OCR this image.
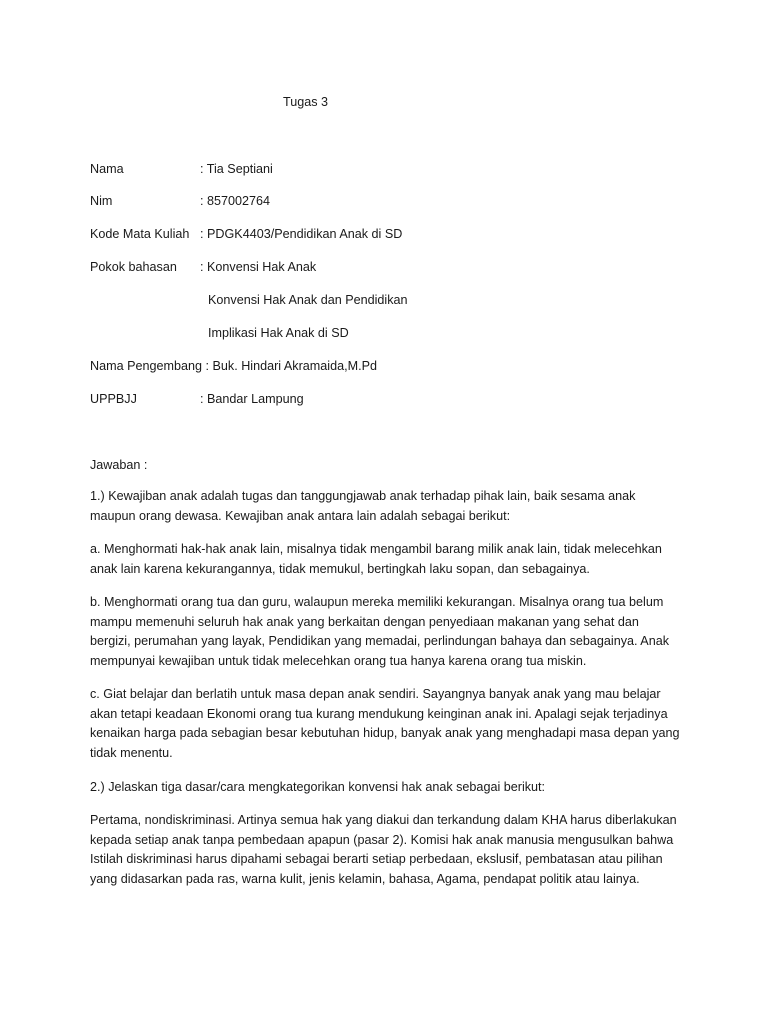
Tugas 3
Nama	: Tia Septiani
Nim	: 857002764
Kode Mata Kuliah : PDGK4403/Pendidikan Anak di SD
Pokok bahasan : Konvensi Hak Anak
Konvensi Hak Anak dan Pendidikan
Implikasi Hak Anak di SD
Nama Pengembang : Buk. Hindari Akramaida,M.Pd
UPPBJJ	: Bandar Lampung
Jawaban :
1.) Kewajiban anak adalah tugas dan tanggungjawab anak terhadap pihak lain, baik sesama anak
maupun orang dewasa. Kewajiban anak antara lain adalah sebagai berikut:
a. Menghormati hak-hak anak lain, misalnya tidak mengambil barang milik anak lain, tidak melecehkan
anak lain karena kekurangannya, tidak memukul, bertingkah laku sopan, dan sebagainya.
b. Menghormati orang tua dan guru, walaupun mereka memiliki kekurangan. Misalnya orang tua belum
mampu memenuhi seluruh hak anak yang berkaitan dengan penyediaan makanan yang sehat dan
bergizi, perumahan yang layak, Pendidikan yang memadai, perlindungan bahaya dan sebagainya. Anak
mempunyai kewajiban untuk tidak melecehkan orang tua hanya karena orang tua miskin.
c. Giat belajar dan berlatih untuk masa depan anak sendiri. Sayangnya banyak anak yang mau belajar
akan tetapi keadaan Ekonomi orang tua kurang mendukung keinginan anak ini. Apalagi sejak terjadinya
kenaikan harga pada sebagian besar kebutuhan hidup, banyak anak yang menghadapi masa depan yang
tidak menentu.
2.) Jelaskan tiga dasar/cara mengkategorikan konvensi hak anak sebagai berikut:
Pertama, nondiskriminasi. Artinya semua hak yang diakui dan terkandung dalam KHA harus diberlakukan
kepada setiap anak tanpa pembedaan apapun (pasar 2). Komisi hak anak manusia mengusulkan bahwa
Istilah diskriminasi harus dipahami sebagai berarti setiap perbedaan, ekslusif, pembatasan atau pilihan
yang didasarkan pada ras, warna kulit, jenis kelamin, bahasa, Agama, pendapat politik atau lainya.
